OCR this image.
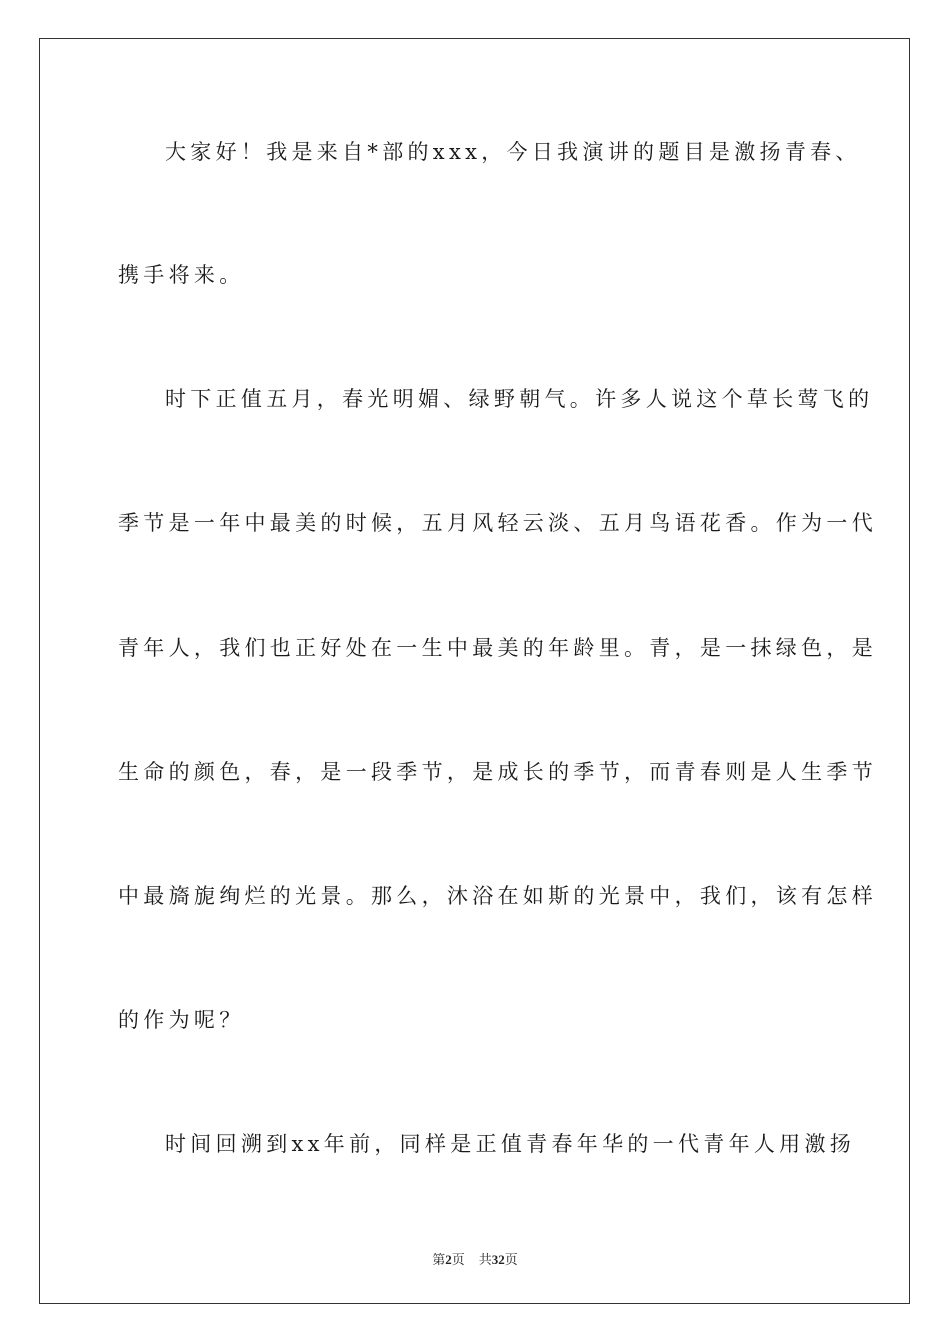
大家好！我是来自*部的xxx，今日我演讲的题目是激扬青春、
携手将来。
时下正值五月，春光明媚、绿野朝气。许多人说这个草长莺飞的
季节是一年中最美的时候，五月风轻云淡、五月鸟语花香。作为一代
青年人，我们也正好处在一生中最美的年龄里。青，是一抹绿色，是
生命的颜色，春，是一段季节，是成长的季节，而青春则是人生季节
中最旖旎绚烂的光景。那么，沐浴在如斯的光景中，我们，该有怎样
的作为呢？
时间回溯到xx年前，同样是正值青春年华的一代青年人用激扬
第2页 共32页
